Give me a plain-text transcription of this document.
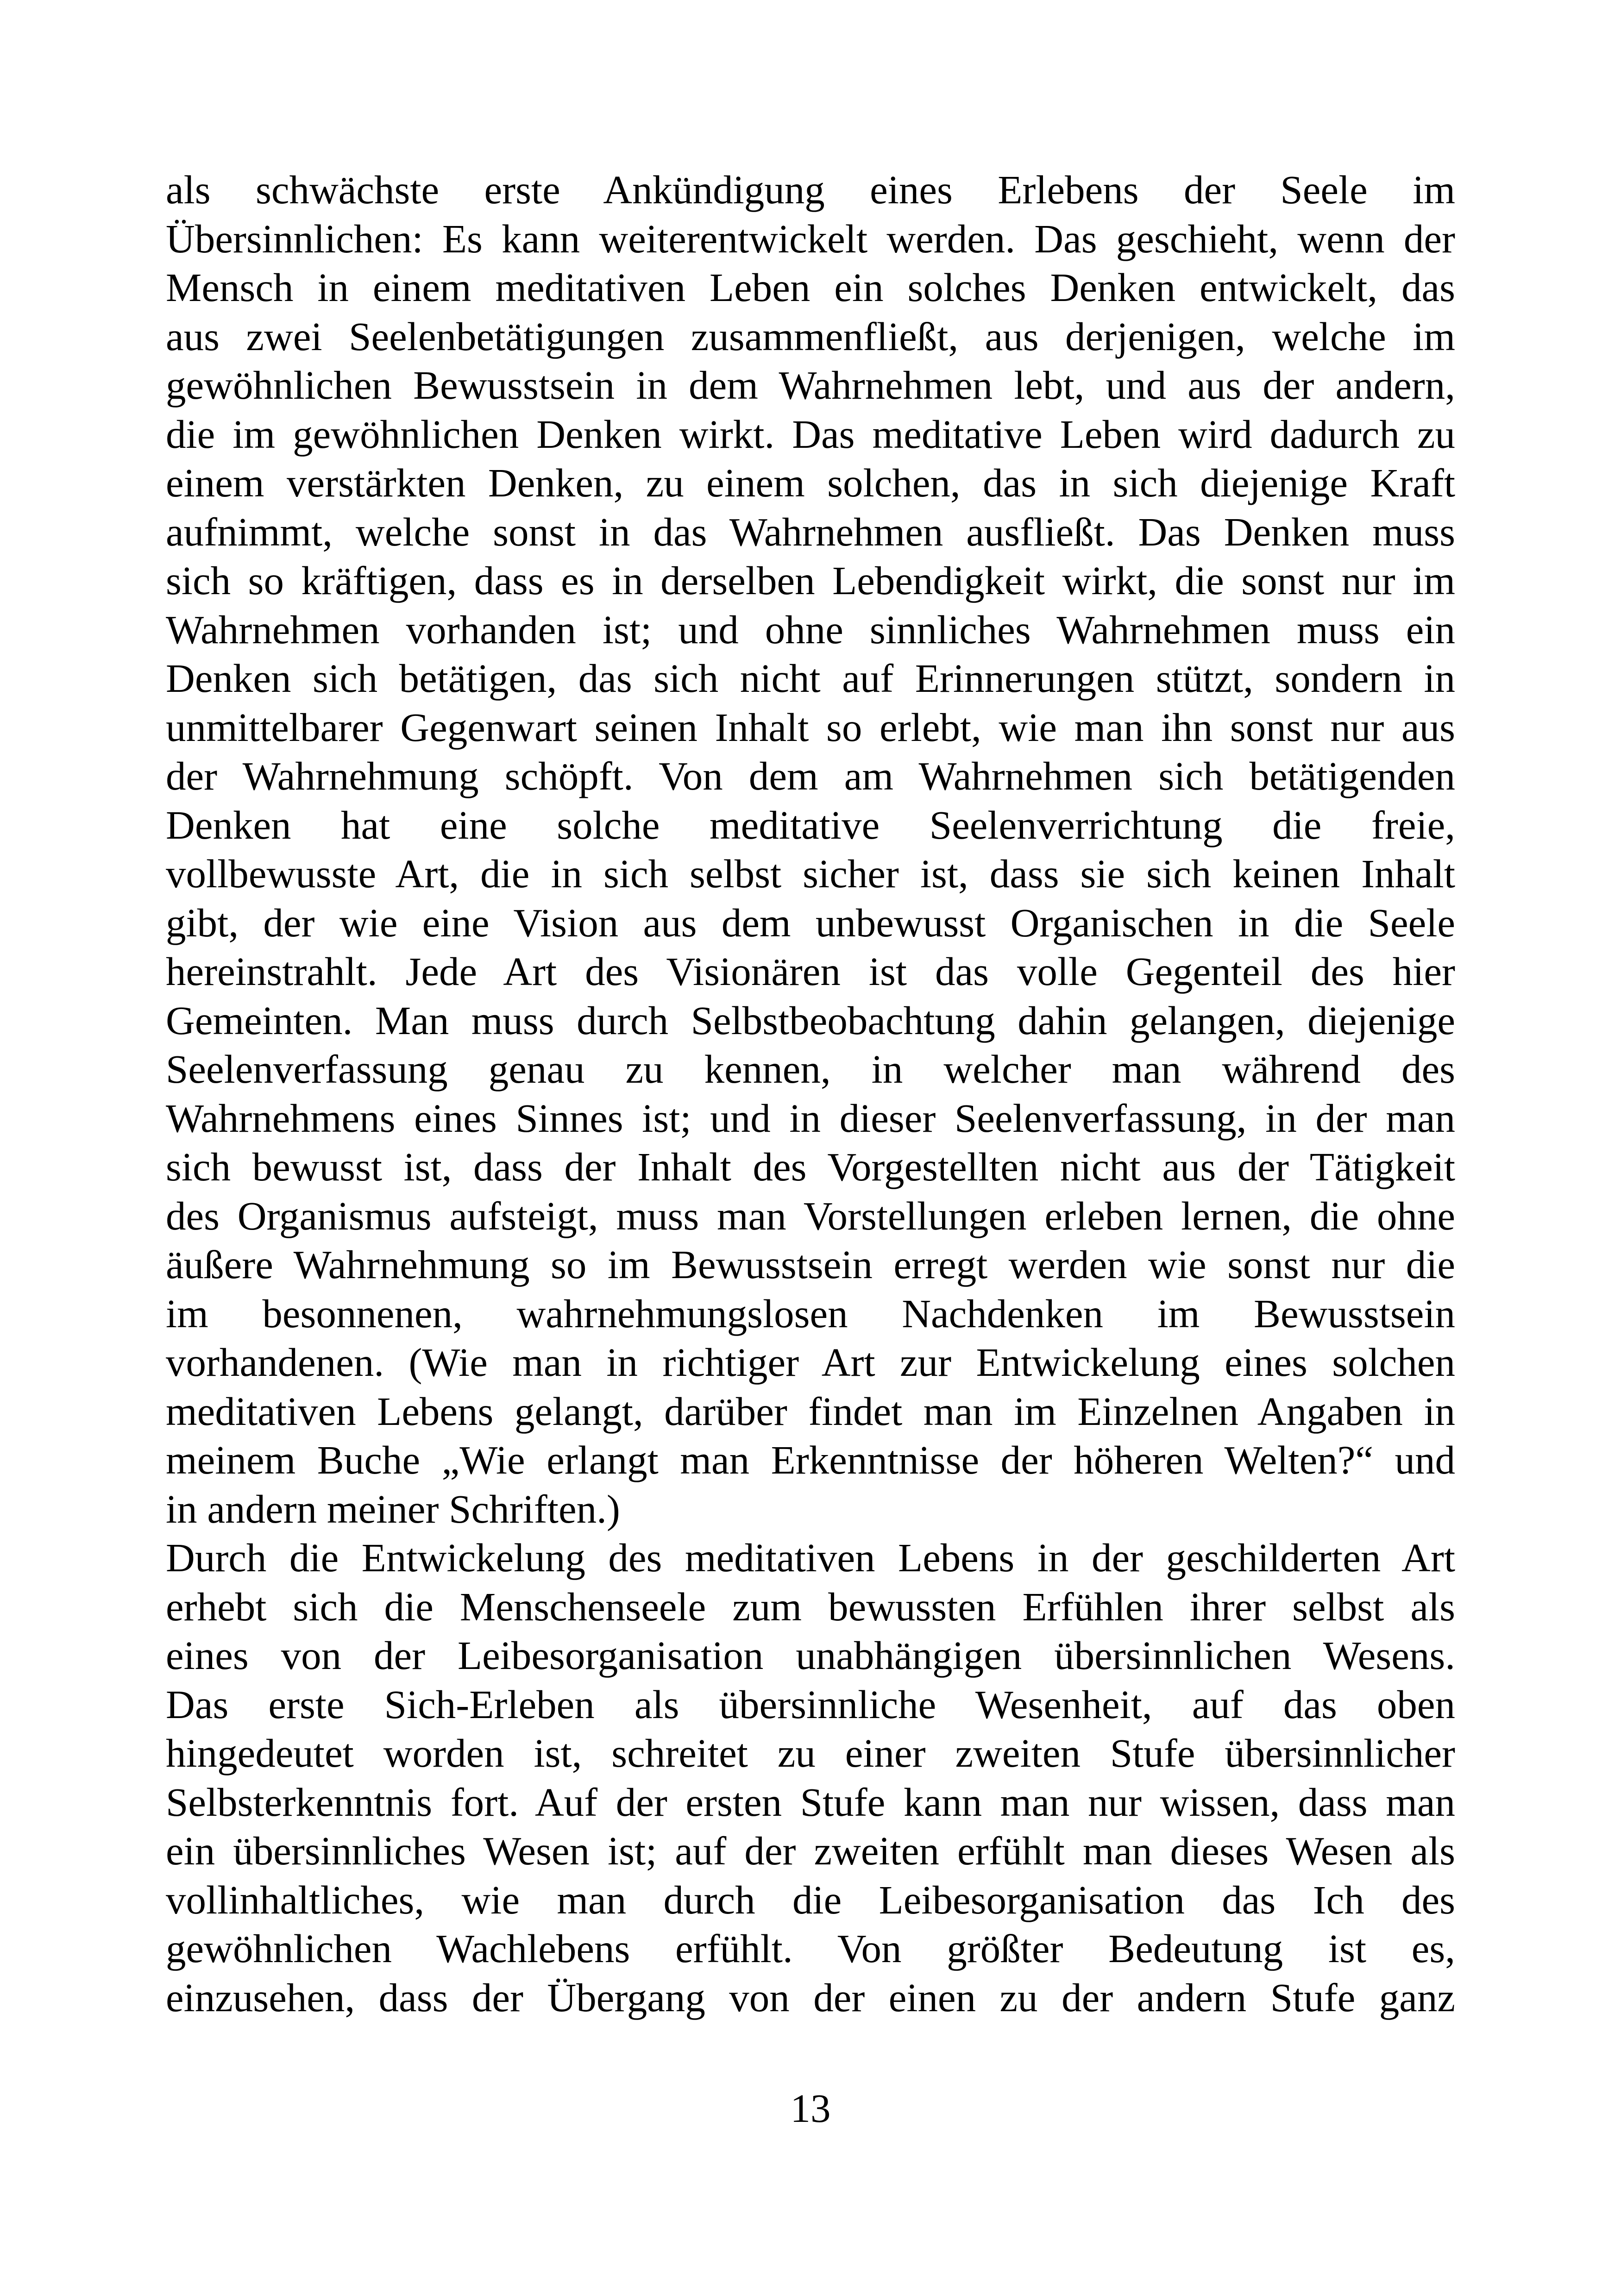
als schwächste erste Ankündigung eines Erlebens der Seele im
Übersinnlichen: Es kann weiterentwickelt werden. Das geschieht, wenn der
Mensch in einem meditativen Leben ein solches Denken entwickelt, das
aus zwei Seelenbetätigungen zusammenfließt, aus derjenigen, welche im
gewöhnlichen Bewusstsein in dem Wahrnehmen lebt, und aus der andern,
die im gewöhnlichen Denken wirkt. Das meditative Leben wird dadurch zu
einem verstärkten Denken, zu einem solchen, das in sich diejenige Kraft
aufnimmt, welche sonst in das Wahrnehmen ausfließt. Das Denken muss
sich so kräftigen, dass es in derselben Lebendigkeit wirkt, die sonst nur im
Wahrnehmen vorhanden ist; und ohne sinnliches Wahrnehmen muss ein
Denken sich betätigen, das sich nicht auf Erinnerungen stützt, sondern in
unmittelbarer Gegenwart seinen Inhalt so erlebt, wie man ihn sonst nur aus
der Wahrnehmung schöpft. Von dem am Wahrnehmen sich betätigenden
Denken hat eine solche meditative Seelenverrichtung die freie,
vollbewusste Art, die in sich selbst sicher ist, dass sie sich keinen Inhalt
gibt, der wie eine Vision aus dem unbewusst Organischen in die Seele
hereinstrahlt. Jede Art des Visionären ist das volle Gegenteil des hier
Gemeinten. Man muss durch Selbstbeobachtung dahin gelangen, diejenige
Seelenverfassung genau zu kennen, in welcher man während des
Wahrnehmens eines Sinnes ist; und in dieser Seelenverfassung, in der man
sich bewusst ist, dass der Inhalt des Vorgestellten nicht aus der Tätigkeit
des Organismus aufsteigt, muss man Vorstellungen erleben lernen, die ohne
äußere Wahrnehmung so im Bewusstsein erregt werden wie sonst nur die
im besonnenen, wahrnehmungslosen Nachdenken im Bewusstsein
vorhandenen. (Wie man in richtiger Art zur Entwickelung eines solchen
meditativen Lebens gelangt, darüber findet man im Einzelnen Angaben in
meinem Buche „Wie erlangt man Erkenntnisse der höheren Welten?“ und
in andern meiner Schriften.)
Durch die Entwickelung des meditativen Lebens in der geschilderten Art
erhebt sich die Menschenseele zum bewussten Erfühlen ihrer selbst als
eines von der Leibesorganisation unabhängigen übersinnlichen Wesens.
Das erste Sich-Erleben als übersinnliche Wesenheit, auf das oben
hingedeutet worden ist, schreitet zu einer zweiten Stufe übersinnlicher
Selbsterkenntnis fort. Auf der ersten Stufe kann man nur wissen, dass man
ein übersinnliches Wesen ist; auf der zweiten erfühlt man dieses Wesen als
vollinhaltliches, wie man durch die Leibesorganisation das Ich des
gewöhnlichen Wachlebens erfühlt. Von größter Bedeutung ist es,
einzusehen, dass der Übergang von der einen zu der andern Stufe ganz
13
